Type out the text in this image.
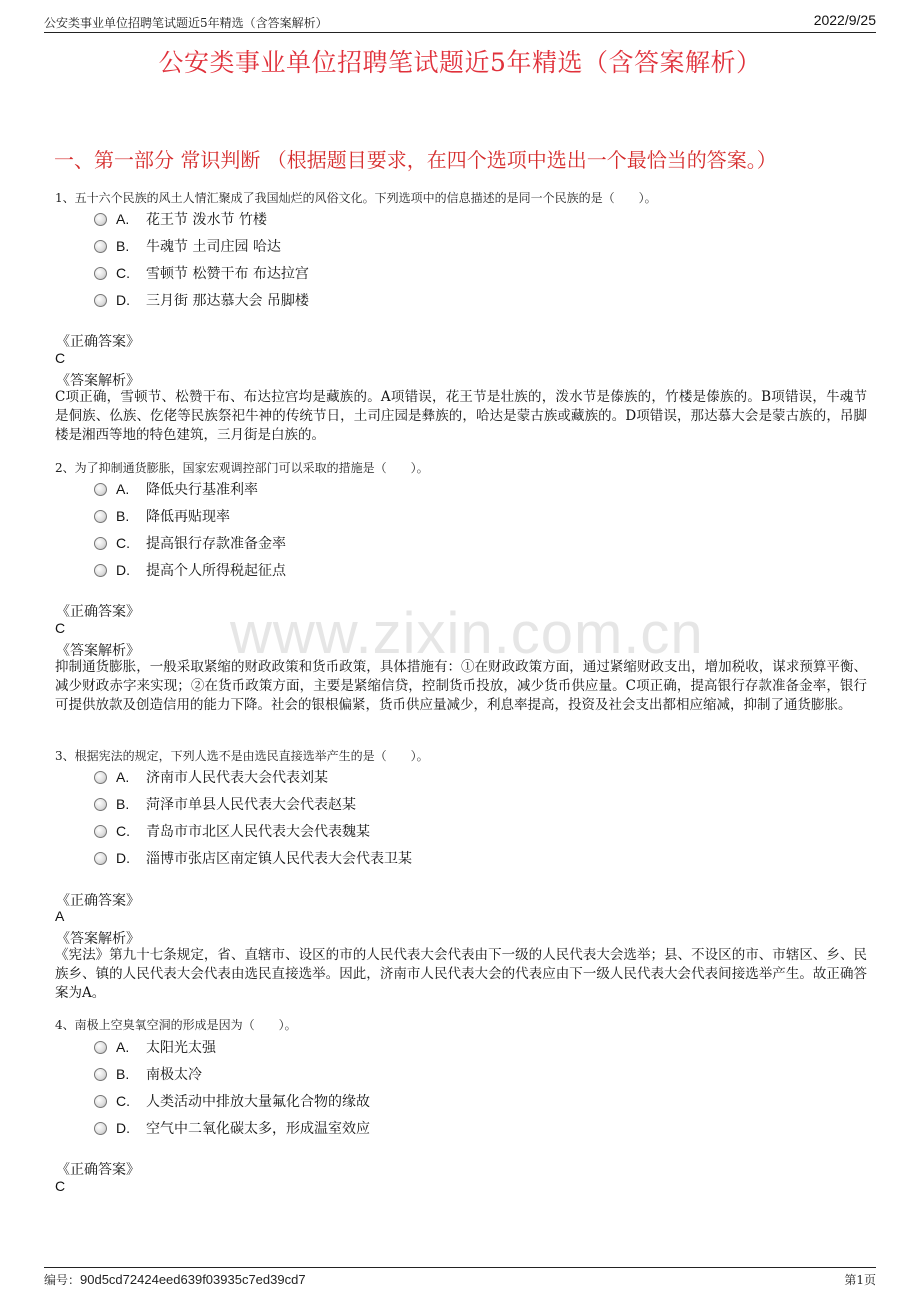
公安类事业单位招聘笔试题近5年精选（含答案解析）	2022/9/25
公安类事业单位招聘笔试题近5年精选（含答案解析）
一、第一部分 常识判断 （根据题目要求，在四个选项中选出一个最恰当的答案。）
www.zixin.com.cn
1、五十六个民族的风土人情汇聚成了我国灿烂的风俗文化。下列选项中的信息描述的是同一个民族的是（　　）。
A. 花王节 泼水节 竹楼
B. 牛魂节 土司庄园 哈达
C. 雪顿节 松赞干布 布达拉宫
D. 三月街 那达慕大会 吊脚楼
《正确答案》
C
《答案解析》
C项正确，雪顿节、松赞干布、布达拉宫均是藏族的。A项错误，花王节是壮族的，泼水节是傣族的，竹楼是傣族的。B项错误，牛魂节是侗族、仫族、仡佬等民族祭祀牛神的传统节日，土司庄园是彝族的，哈达是蒙古族或藏族的。D项错误，那达慕大会是蒙古族的，吊脚楼是湘西等地的特色建筑，三月街是白族的。
2、为了抑制通货膨胀，国家宏观调控部门可以采取的措施是（　　）。
A. 降低央行基准利率
B. 降低再贴现率
C. 提高银行存款准备金率
D. 提高个人所得税起征点
《正确答案》
C
《答案解析》
抑制通货膨胀，一般采取紧缩的财政政策和货币政策，具体措施有：①在财政政策方面，通过紧缩财政支出，增加税收，谋求预算平衡、减少财政赤字来实现；②在货币政策方面，主要是紧缩信贷，控制货币投放，减少货币供应量。C项正确，提高银行存款准备金率，银行可提供放款及创造信用的能力下降。社会的银根偏紧，货币供应量减少，利息率提高，投资及社会支出都相应缩减，抑制了通货膨胀。
3、根据宪法的规定，下列人选不是由选民直接选举产生的是（　　）。
A. 济南市人民代表大会代表刘某
B. 菏泽市单县人民代表大会代表赵某
C. 青岛市市北区人民代表大会代表魏某
D. 淄博市张店区南定镇人民代表大会代表卫某
《正确答案》
A
《答案解析》
《宪法》第九十七条规定，省、直辖市、设区的市的人民代表大会代表由下一级的人民代表大会选举；县、不设区的市、市辖区、乡、民族乡、镇的人民代表大会代表由选民直接选举。因此，济南市人民代表大会的代表应由下一级人民代表大会代表间接选举产生。故正确答案为A。
4、南极上空臭氧空洞的形成是因为（　　）。
A. 太阳光太强
B. 南极太冷
C. 人类活动中排放大量氟化合物的缘故
D. 空气中二氧化碳太多，形成温室效应
《正确答案》
C
编号：90d5cd72424eed639f03935c7ed39cd7	第1页
